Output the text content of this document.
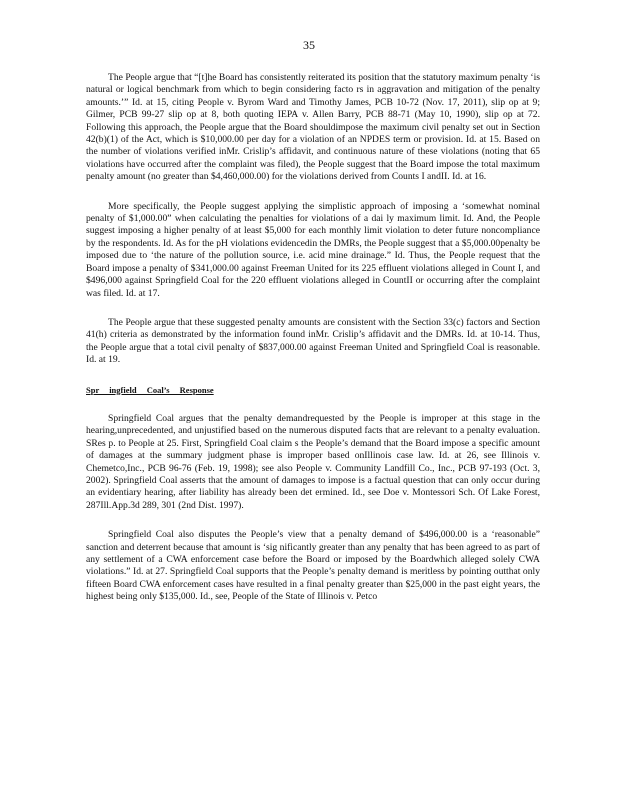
35

The People argue that “[t]he Board has consistently reiterated its position that the statutory maximum penalty ‘is natural or logical benchmark from which to begin considering facto rs in aggravation and mitigation of the penalty amounts.’” Id. at 15, citing People v. Byrom Ward and Timothy James, PCB 10-72 (Nov. 17, 2011), slip op at 9; Gilmer, PCB 99-27 slip op at 8, both quoting IEPA v. Allen Barry, PCB 88-71 (May 10, 1990), slip op at 72. Following this approach, the People argue that the Board shouldimpose the maximum civil penalty set out in Section 42(b)(1) of the Act, which is $10,000.00 per day for a violation of an NPDES term or provision. Id. at 15. Based on the number of violations verified inMr. Crislip’s affidavit, and continuous nature of these violations (noting that 65 violations have occurred after the complaint was filed), the People suggest that the Board impose the total maximum penalty amount (no greater than $4,460,000.00) for the violations derived from Counts I andII. Id. at 16.

More specifically, the People suggest applying the simplistic approach of imposing a ‘somewhat nominal penalty of $1,000.00” when calculating the penalties for violations of a dai ly maximum limit. Id. And, the People suggest imposing a higher penalty of at least $5,000 for each monthly limit violation to deter future noncompliance by the respondents. Id. As for the pH violations evidencedin the DMRs, the People suggest that a $5,000.00penalty be imposed due to ‘the nature of the pollution source, i.e. acid mine drainage.” Id. Thus, the People request that the Board impose a penalty of $341,000.00 against Freeman United for its 225 effluent violations alleged in Count I, and $496,000 against Springfield Coal for the 220 effluent violations alleged in CountII or occurring after the complaint was filed. Id. at 17.

The People argue that these suggested penalty amounts are consistent with the Section 33(c) factors and Section 41(h) criteria as demonstrated by the information found inMr. Crislip’s affidavit and the DMRs. Id. at 10-14. Thus, the People argue that a total civil penalty of $837,000.00 against Freeman United and Springfield Coal is reasonable. Id. at 19.

Spr ingfield Coal’s Response

Springfield Coal argues that the penalty demandrequested by the People is improper at this stage in the hearing,unprecedented, and unjustified based on the numerous disputed facts that are relevant to a penalty evaluation. SRes p. to People at 25. First, Springfield Coal claim s the People’s demand that the Board impose a specific amount of damages at the summary judgment phase is improper based onIllinois case law. Id. at 26, see Illinois v. Chemetco,Inc., PCB 96-76 (Feb. 19, 1998); see also People v. Community Landfill Co., Inc., PCB 97-193 (Oct. 3, 2002). Springfield Coal asserts that the amount of damages to impose is a factual question that can only occur during an evidentiary hearing, after liability has already been det ermined. Id., see Doe v. Montessori Sch. Of Lake Forest, 287Ill.App.3d 289, 301 (2nd Dist. 1997).

Springfield Coal also disputes the People’s view that a penalty demand of $496,000.00 is a ‘reasonable” sanction and deterrent because that amount is ‘sig nificantly greater than any penalty that has been agreed to as part of any settlement of a CWA enforcement case before the Board or imposed by the Boardwhich alleged solely CWA violations.” Id. at 27. Springfield Coal supports that the People’s penalty demand is meritless by pointing outthat only fifteen Board CWA enforcement cases have resulted in a final penalty greater than $25,000 in the past eight years, the highest being only $135,000. Id., see, People of the State of Illinois v. Petco
